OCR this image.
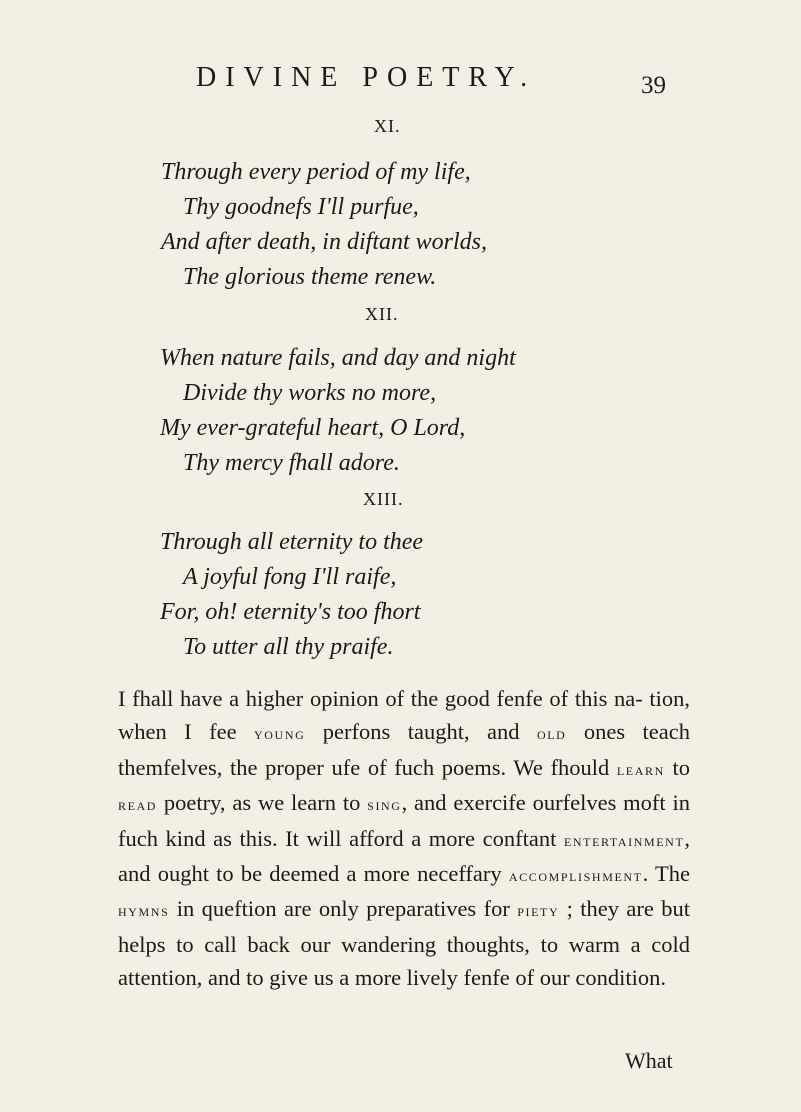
DIVINE POETRY.	39
XI.
Through every period of my life,
Thy goodnefs I'll purfue,
And after death, in diftant worlds,
The glorious theme renew.
XII.
When nature fails, and day and night
Divide thy works no more,
My ever-grateful heart, O Lord,
Thy mercy fhall adore.
XIII.
Through all eternity to thee
A joyful fong I'll raife,
For, oh! eternity's too fhort
To utter all thy praife.

I fhall have a higher opinion of the good fenfe of this na- tion, when I fee young perfons taught, and old ones teach themfelves, the proper ufe of fuch poems. We fhould learn to read poetry, as we learn to sing, and exercife ourfelves moft in fuch kind as this. It will afford a more conftant entertainment, and ought to be deemed a more neceffary accomplishment. The hymns in queftion are only preparatives for piety ; they are but helps to call back our wandering thoughts, to warm a cold attention, and to give us a more lively fenfe of our condition.

What
